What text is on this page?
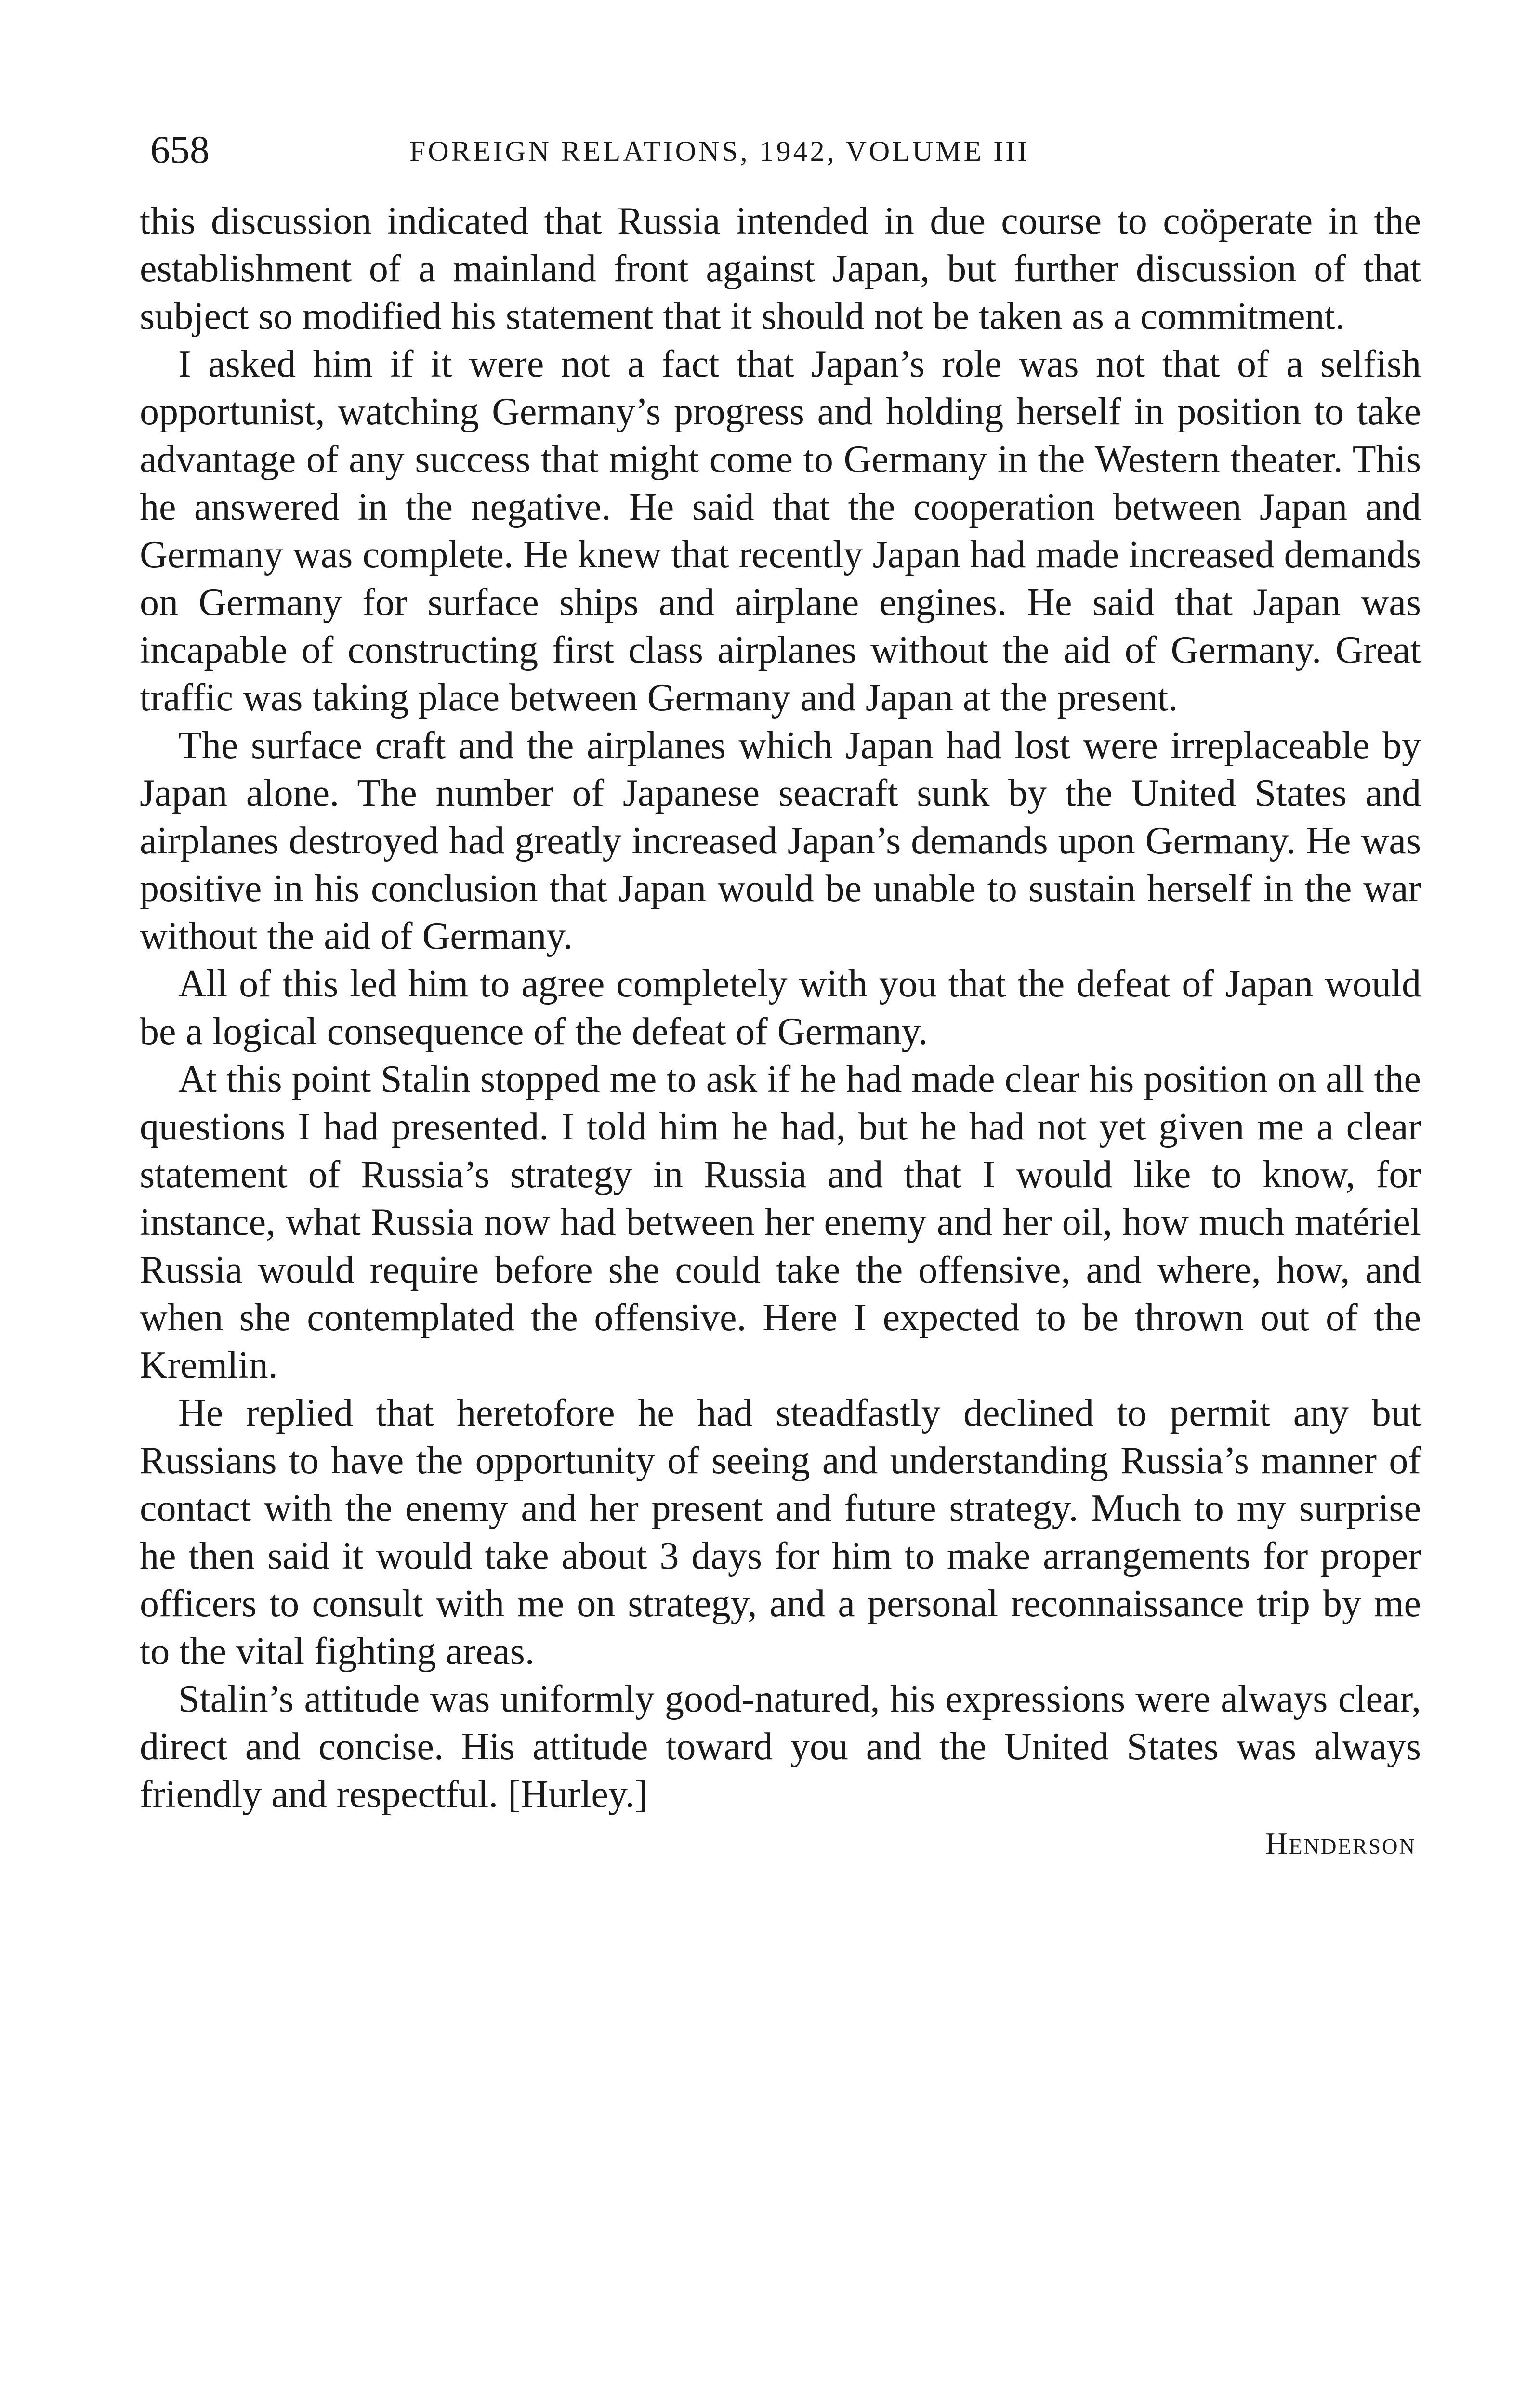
658	FOREIGN RELATIONS, 1942, VOLUME III

this discussion indicated that Russia intended in due course to coöperate in the establishment of a mainland front against Japan, but further discussion of that subject so modified his statement that it should not be taken as a commitment.

I asked him if it were not a fact that Japan’s role was not that of a selfish opportunist, watching Germany’s progress and holding herself in position to take advantage of any success that might come to Germany in the Western theater. This he answered in the negative. He said that the cooperation between Japan and Germany was complete. He knew that recently Japan had made increased demands on Germany for surface ships and airplane engines. He said that Japan was incapable of constructing first class airplanes without the aid of Germany. Great traffic was taking place between Germany and Japan at the present.

The surface craft and the airplanes which Japan had lost were irreplaceable by Japan alone. The number of Japanese seacraft sunk by the United States and airplanes destroyed had greatly increased Japan’s demands upon Germany. He was positive in his conclusion that Japan would be unable to sustain herself in the war without the aid of Germany.

All of this led him to agree completely with you that the defeat of Japan would be a logical consequence of the defeat of Germany.

At this point Stalin stopped me to ask if he had made clear his position on all the questions I had presented. I told him he had, but he had not yet given me a clear statement of Russia’s strategy in Russia and that I would like to know, for instance, what Russia now had between her enemy and her oil, how much matériel Russia would require before she could take the offensive, and where, how, and when she contemplated the offensive. Here I expected to be thrown out of the Kremlin.

He replied that heretofore he had steadfastly declined to permit any but Russians to have the opportunity of seeing and understanding Russia’s manner of contact with the enemy and her present and future strategy. Much to my surprise he then said it would take about 3 days for him to make arrangements for proper officers to consult with me on strategy, and a personal reconnaissance trip by me to the vital fighting areas.

Stalin’s attitude was uniformly good-natured, his expressions were always clear, direct and concise. His attitude toward you and the United States was always friendly and respectful. [Hurley.]

Henderson
